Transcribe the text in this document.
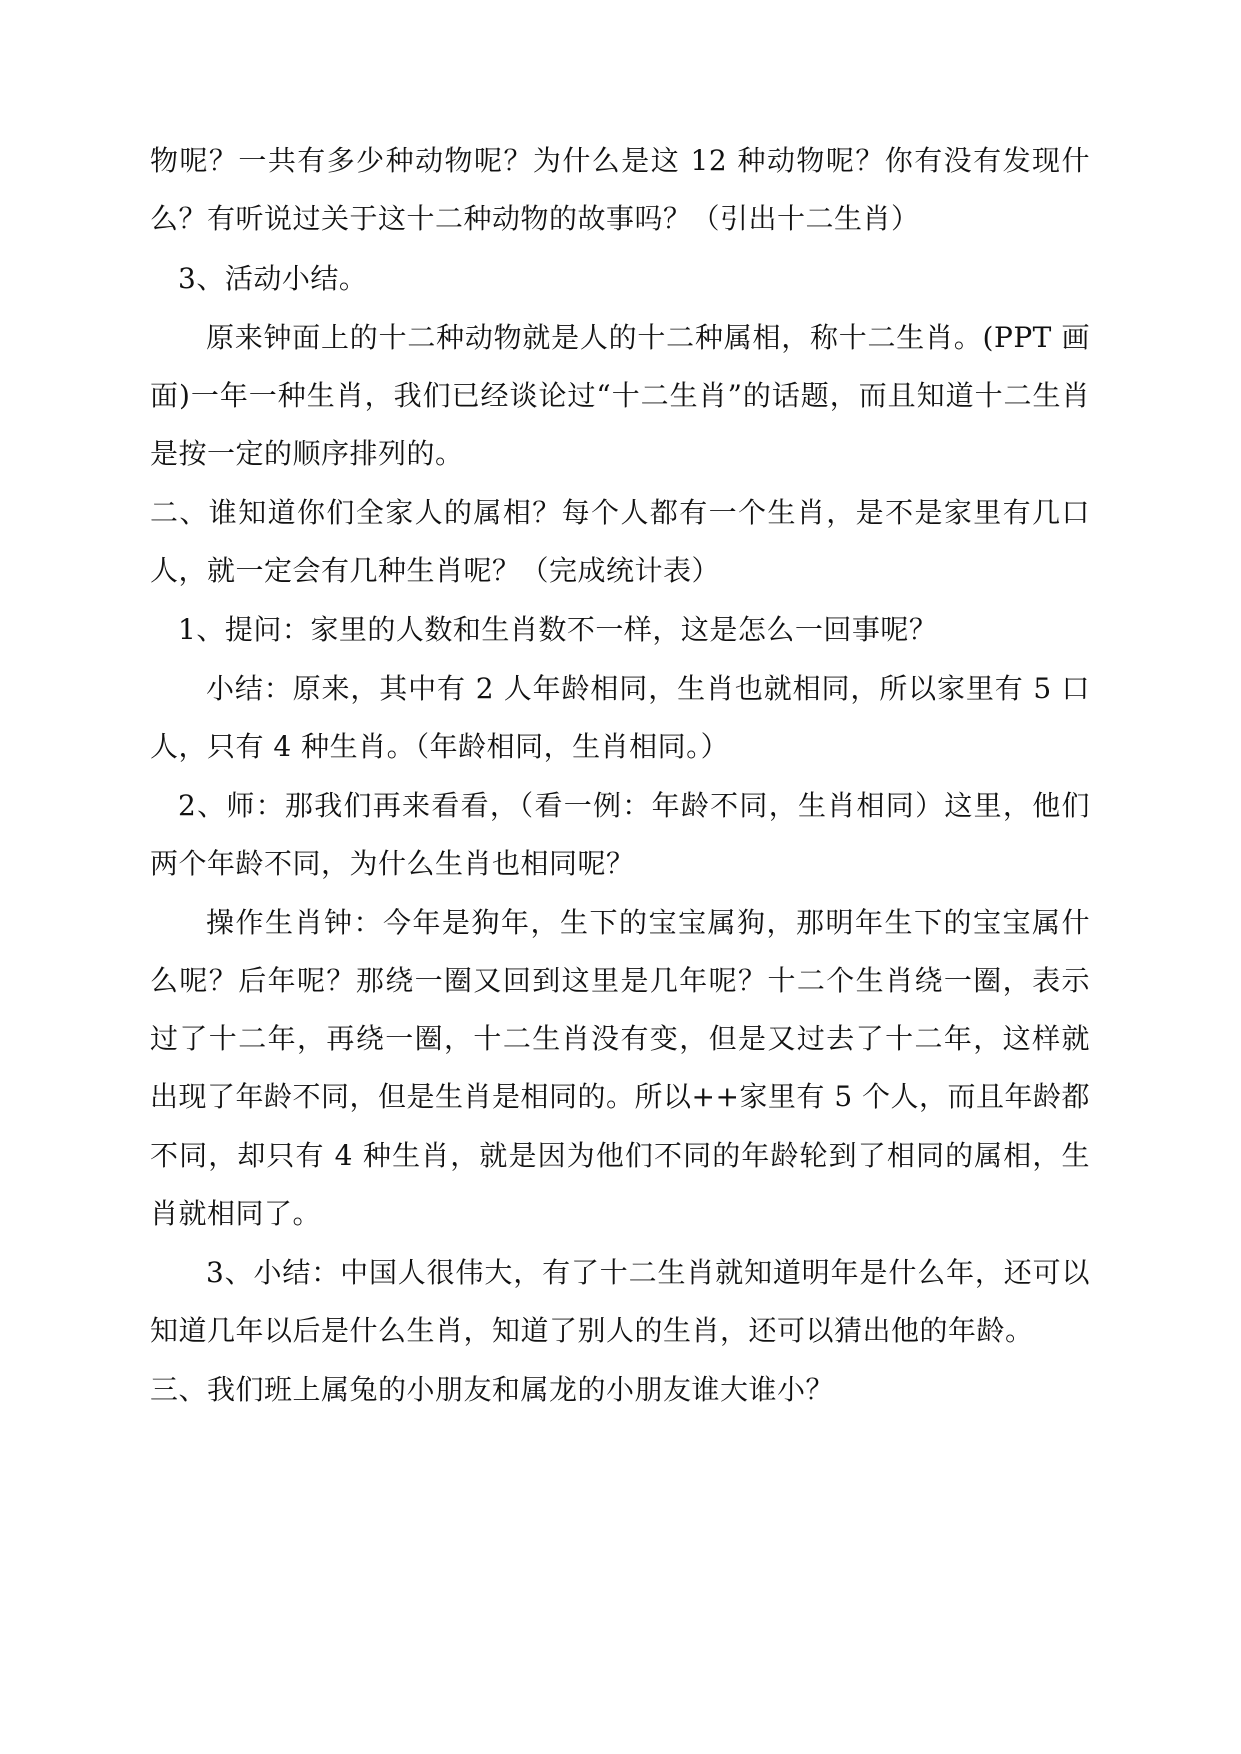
物呢？一共有多少种动物呢？为什么是这 12 种动物呢？你有没有发现什
么？有听说过关于这十二种动物的故事吗？（引出十二生肖）
3、活动小结。
原来钟面上的十二种动物就是人的十二种属相，称十二生肖。(PPT 画
面)一年一种生肖，我们已经谈论过“十二生肖”的话题，而且知道十二生肖
是按一定的顺序排列的。
二、谁知道你们全家人的属相？每个人都有一个生肖，是不是家里有几口
人，就一定会有几种生肖呢？（完成统计表）
1、提问：家里的人数和生肖数不一样，这是怎么一回事呢？
小结：原来，其中有 2 人年龄相同，生肖也就相同，所以家里有 5 口
人，只有 4 种生肖。（年龄相同，生肖相同。）
2、师：那我们再来看看，（看一例：年龄不同，生肖相同）这里，他们
两个年龄不同，为什么生肖也相同呢？
操作生肖钟：今年是狗年，生下的宝宝属狗，那明年生下的宝宝属什
么呢？后年呢？那绕一圈又回到这里是几年呢？十二个生肖绕一圈，表示
过了十二年，再绕一圈，十二生肖没有变，但是又过去了十二年，这样就
出现了年龄不同，但是生肖是相同的。所以++家里有 5 个人，而且年龄都
不同，却只有 4 种生肖，就是因为他们不同的年龄轮到了相同的属相，生
肖就相同了。
3、小结：中国人很伟大，有了十二生肖就知道明年是什么年，还可以
知道几年以后是什么生肖，知道了别人的生肖，还可以猜出他的年龄。
三、我们班上属兔的小朋友和属龙的小朋友谁大谁小？
